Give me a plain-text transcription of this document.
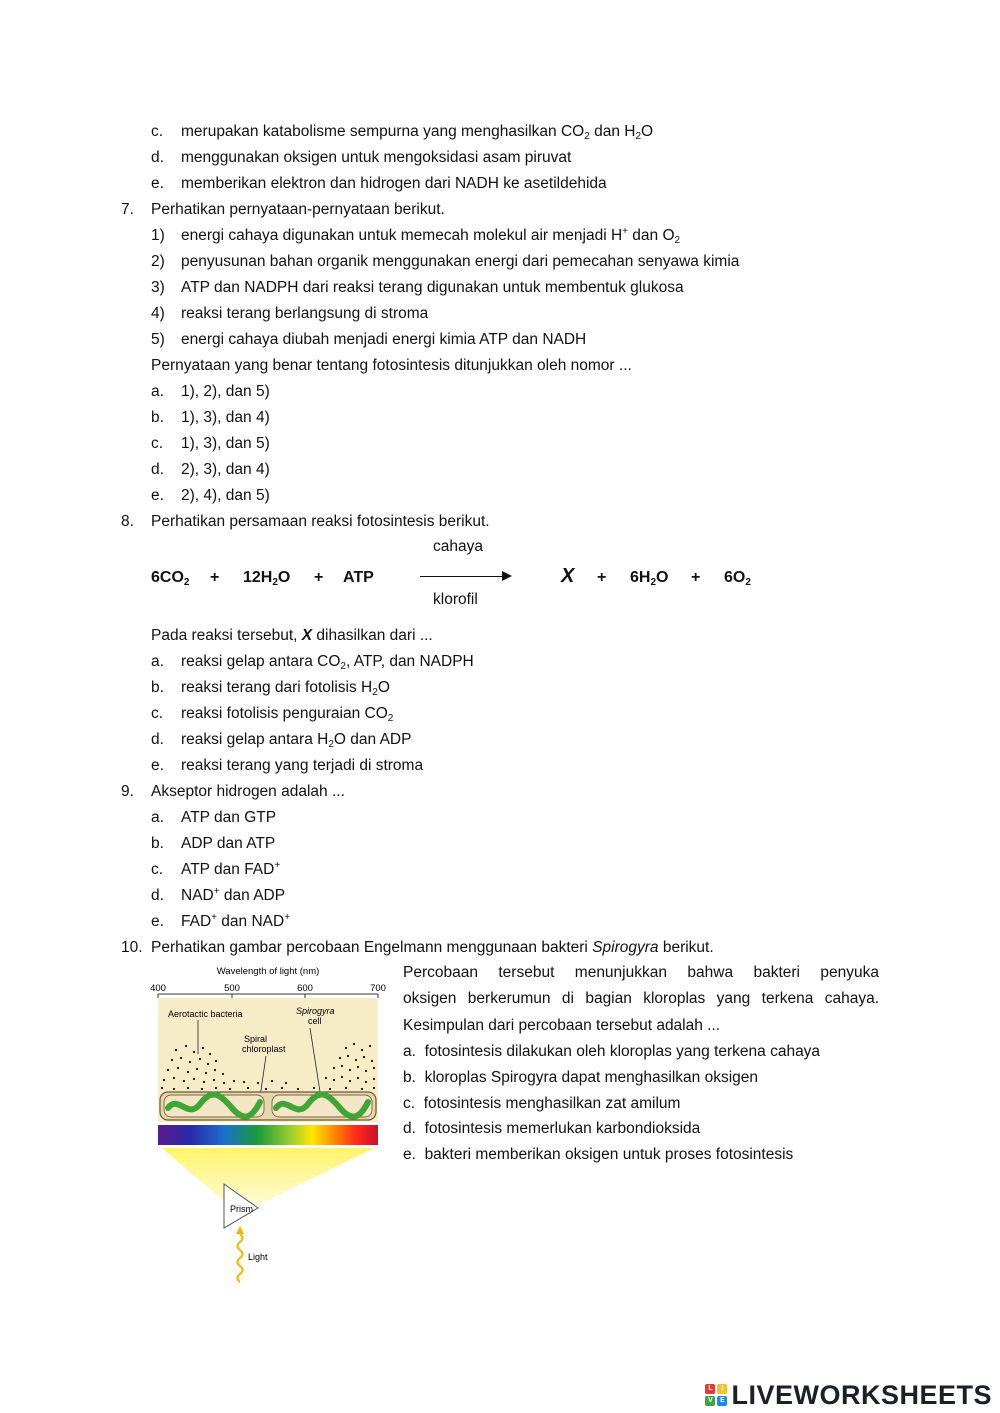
c. merupakan katabolisme sempurna yang menghasilkan $CO_2$ dan $H_2O$
d. menggunakan oksigen untuk mengoksidasi asam piruvat
e. memberikan elektron dan hidrogen dari NADH ke asetildehida
7. Perhatikan pernyataan-pernyataan berikut.
1) energi cahaya digunakan untuk memecah molekul air menjadi H+ dan $O_2$
2) penyusunan bahan organik menggunakan energi dari pemecahan senyawa kimia
3) ATP dan NADPH dari reaksi terang digunakan untuk membentuk glukosa
4) reaksi terang berlangsung di stroma
5) energi cahaya diubah menjadi energi kimia ATP dan NADH
Pernyataan yang benar tentang fotosintesis ditunjukkan oleh nomor ...
a. 1), 2), dan 5)
b. 1), 3), dan 4)
c. 1), 3), dan 5)
d. 2), 3), dan 4)
e. 2), 4), dan 5)
8. Perhatikan persamaan reaksi fotosintesis berikut.
cahaya
$6CO_2 + 12H_2O$ + ATP	$X + 6H_2O + 6O_2$
klorofil
Pada reaksi tersebut, X dihasilkan dari ...
a. reaksi gelap antara $CO_2$, ATP, dan NADPH
b. reaksi terang dari fotolisis $H_2O$
c. reaksi fotolisis penguraian $CO_2$
d. reaksi gelap antara $H_2O$ dan ADP
e. reaksi terang yang terjadi di stroma
9. Akseptor hidrogen adalah ...
a. ATP dan GTP
b. ADP dan ATP
c. ATP dan FAD+
d. NAD+ dan ADP
e. FAD+ dan NAD+
10. Perhatikan gambar percobaan Engelmann menggunaan bakteri Spirogyra berikut.
Percobaan tersebut menunjukkan bahwa bakteri penyuka
oksigen berkerumun di bagian kloroplas yang terkena cahaya.
Kesimpulan dari percobaan tersebut adalah ...
a. fotosintesis dilakukan oleh kloroplas yang terkena cahaya
b. kloroplas Spirogyra dapat menghasilkan oksigen
c. fotosintesis menghasilkan zat amilum
d. fotosintesis memerlukan karbondioksida
e. bakteri memberikan oksigen untuk proses fotosintesis
Wavelength of light (nm)
400	500	600	700
Aerotactic bacteria	Spirogyra
cell
Spiral
chloroplast
Prism
Light
L	I
V	E LIVEWORKSHEETS
